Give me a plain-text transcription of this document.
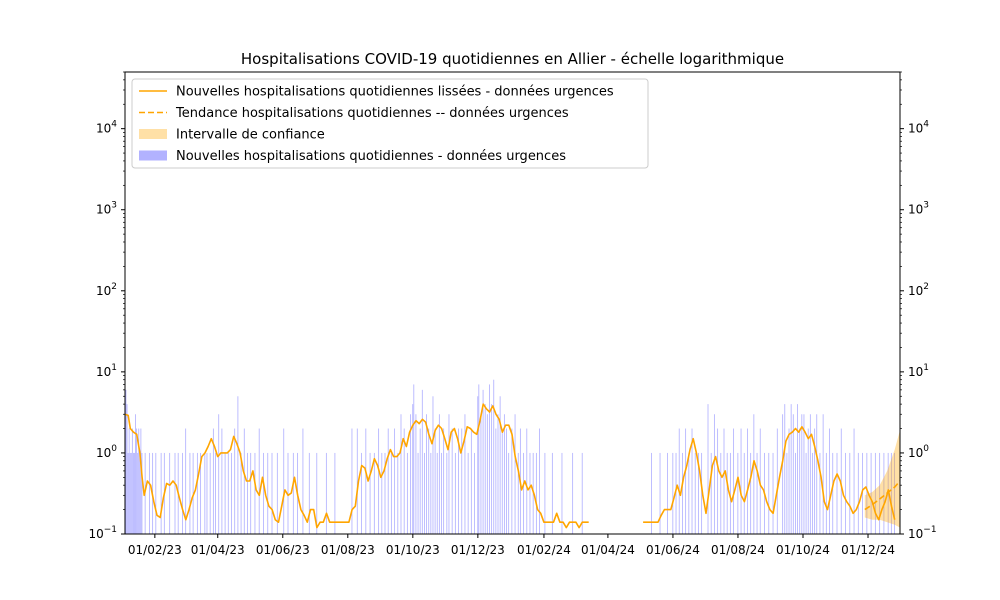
Hospitalisations COVID-19 quotidiennes en Allier - échelle logarithmique
$10^{-1}$	$10^{-1}$
$10^0$	$10^0$
$10^1$	$10^1$
$10^2$	$10^2$
$10^3$	$10^3$
$10^4$	$10^4$
01/02/23 01/04/23 01/06/23 01/08/23 01/10/23 01/12/23 01/02/24 01/04/24 01/06/24 01/08/24 01/10/24 01/12/24
Nouvelles hospitalisations quotidiennes lissées - données urgences
Tendance hospitalisations quotidiennes -- données urgences
Intervalle de confiance
Nouvelles hospitalisations quotidiennes - données urgences
